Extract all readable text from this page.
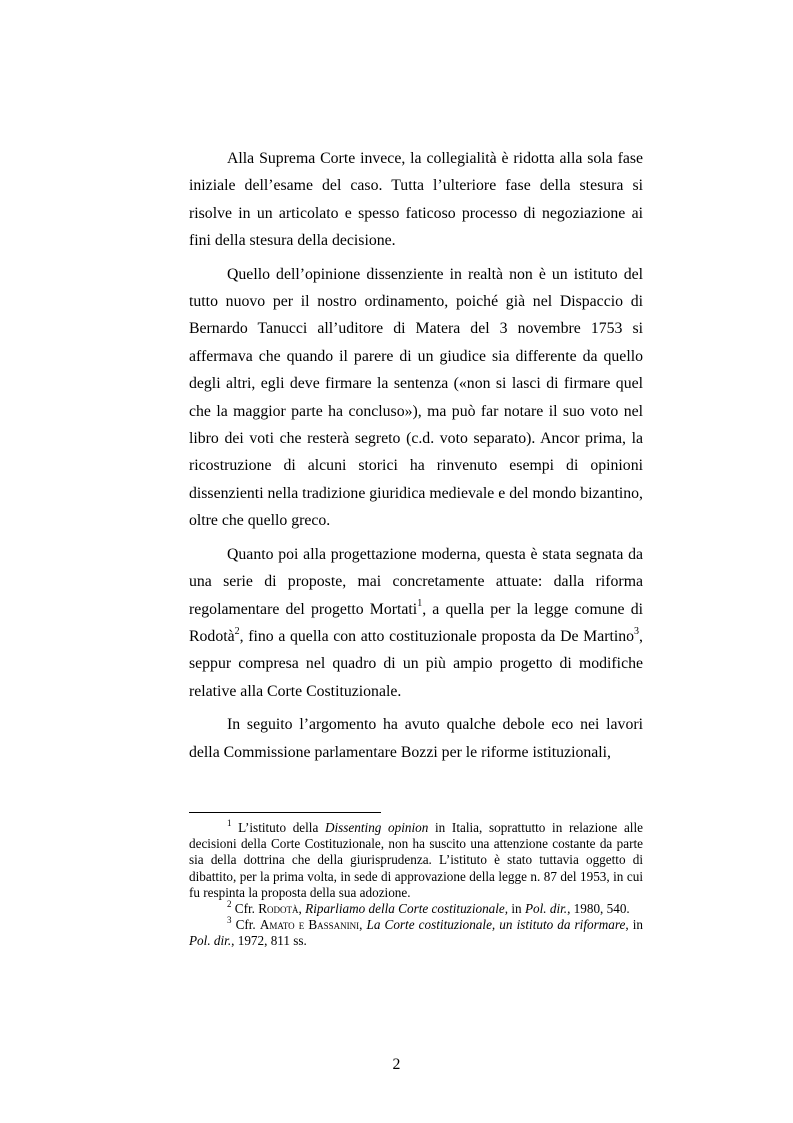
Alla Suprema Corte invece, la collegialità è ridotta alla sola fase iniziale dell’esame del caso. Tutta l’ulteriore fase della stesura si risolve in un articolato e spesso faticoso processo di negoziazione ai fini della stesura della decisione.

Quello dell’opinione dissenziente in realtà non è un istituto del tutto nuovo per il nostro ordinamento, poiché già nel Dispaccio di Bernardo Tanucci all’uditore di Matera del 3 novembre 1753 si affermava che quando il parere di un giudice sia differente da quello degli altri, egli deve firmare la sentenza («non si lasci di firmare quel che la maggior parte ha concluso»), ma può far notare il suo voto nel libro dei voti che resterà segreto (c.d. voto separato). Ancor prima, la ricostruzione di alcuni storici ha rinvenuto esempi di opinioni dissenzienti nella tradizione giuridica medievale e del mondo bizantino, oltre che quello greco.

Quanto poi alla progettazione moderna, questa è stata segnata da una serie di proposte, mai concretamente attuate: dalla riforma regolamentare del progetto Mortati$^1$, a quella per la legge comune di Rodotà$^2$, fino a quella con atto costituzionale proposta da De Martino$^3$, seppur compresa nel quadro di un più ampio progetto di modifiche relative alla Corte Costituzionale.

In seguito l’argomento ha avuto qualche debole eco nei lavori della Commissione parlamentare Bozzi per le riforme istituzionali,

$^1$ L’istituto della Dissenting opinion in Italia, soprattutto in relazione alle decisioni della Corte Costituzionale, non ha suscito una attenzione costante da parte sia della dottrina che della giurisprudenza. L’istituto è stato tuttavia oggetto di dibattito, per la prima volta, in sede di approvazione della legge n. 87 del 1953, in cui fu respinta la proposta della sua adozione.

$^2$ Cfr. Rodotà, Riparliamo della Corte costituzionale, in Pol. dir., 1980, 540.

$^3$ Cfr. Amato e Bassanini, La Corte costituzionale, un istituto da riformare, in Pol. dir., 1972, 811 ss.

2
